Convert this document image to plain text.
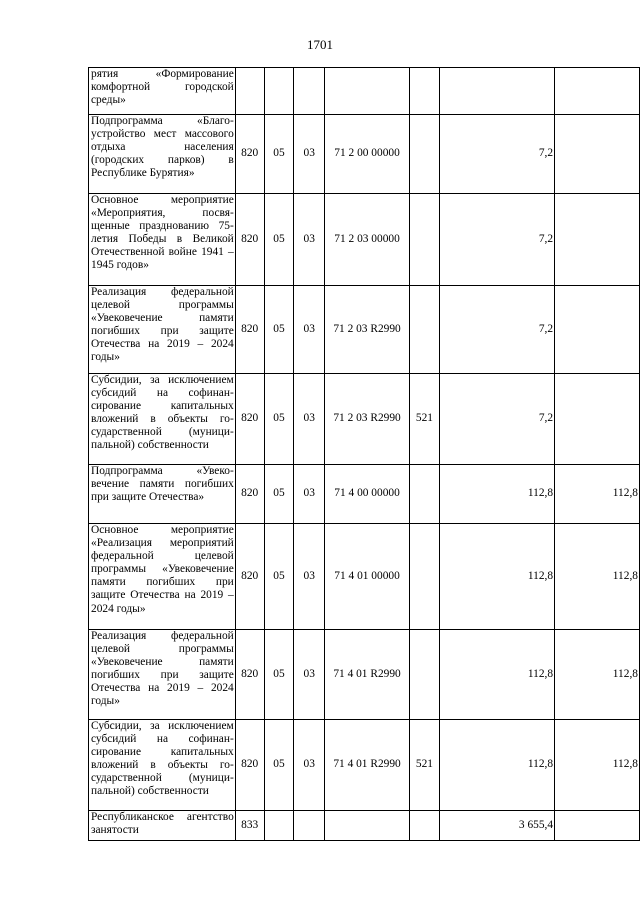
1701
рятия «Формирование комфортной городской среды»							
Подпрограмма «Благоустройство мест массового отдыха населения (городских парков) в Республике Бурятия»	820	05	03	71 2 00 00000		7,2	
Основное мероприятие «Мероприятия, посвященные празднованию 75-летия Победы в Великой Отечественной войне 1941 – 1945 годов»	820	05	03	71 2 03 00000		7,2	
Реализация федеральной целевой программы «Увековечение памяти погибших при защите Отечества на 2019 – 2024 годы»	820	05	03	71 2 03 R2990		7,2	
Субсидии, за исключением субсидий на софинансирование капитальных вложений в объекты государственной (муниципальной) собственности	820	05	03	71 2 03 R2990	521	7,2	
Подпрограмма «Увековечение памяти погибших при защите Отечества»	820	05	03	71 4 00 00000		112,8	112,8
Основное мероприятие «Реализация мероприятий федеральной целевой программы «Увековечение памяти погибших при защите Отечества на 2019 – 2024 годы»	820	05	03	71 4 01 00000		112,8	112,8
Реализация федеральной целевой программы «Увековечение памяти погибших при защите Отечества на 2019 – 2024 годы»	820	05	03	71 4 01 R2990		112,8	112,8
Субсидии, за исключением субсидий на софинансирование капитальных вложений в объекты государственной (муниципальной) собственности	820	05	03	71 4 01 R2990	521	112,8	112,8
Республиканское агентство занятости	833					3 655,4	
